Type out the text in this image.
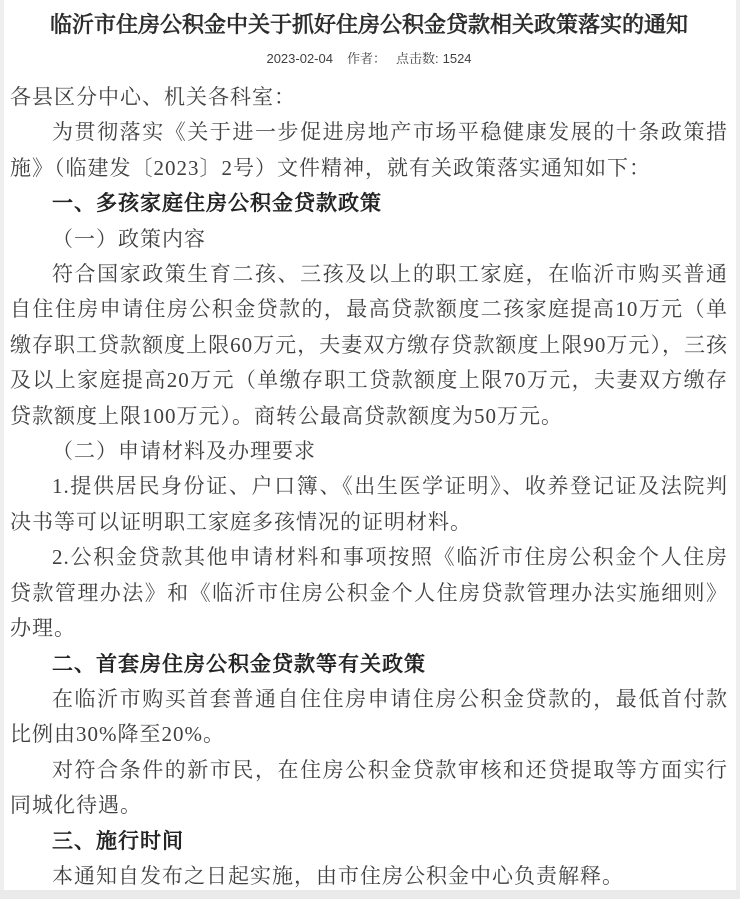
临沂市住房公积金中关于抓好住房公积金贷款相关政策落实的通知
2023-02-04 作者： 点击数: 1524

各县区分中心、机关各科室：

为贯彻落实《关于进一步促进房地产市场平稳健康发展的十条政策措施》（临建发〔2023〕2号）文件精神，就有关政策落实通知如下：

一、多孩家庭住房公积金贷款政策

（一）政策内容

符合国家政策生育二孩、三孩及以上的职工家庭，在临沂市购买普通自住住房申请住房公积金贷款的，最高贷款额度二孩家庭提高10万元（单缴存职工贷款额度上限60万元，夫妻双方缴存贷款额度上限90万元），三孩及以上家庭提高20万元（单缴存职工贷款额度上限70万元，夫妻双方缴存贷款额度上限100万元）。商转公最高贷款额度为50万元。

（二）申请材料及办理要求

1.提供居民身份证、户口簿、《出生医学证明》、收养登记证及法院判决书等可以证明职工家庭多孩情况的证明材料。

2.公积金贷款其他申请材料和事项按照《临沂市住房公积金个人住房贷款管理办法》和《临沂市住房公积金个人住房贷款管理办法实施细则》办理。

二、首套房住房公积金贷款等有关政策

在临沂市购买首套普通自住住房申请住房公积金贷款的，最低首付款比例由30%降至20%。

对符合条件的新市民，在住房公积金贷款审核和还贷提取等方面实行同城化待遇。

三、施行时间

本通知自发布之日起实施，由市住房公积金中心负责解释。
